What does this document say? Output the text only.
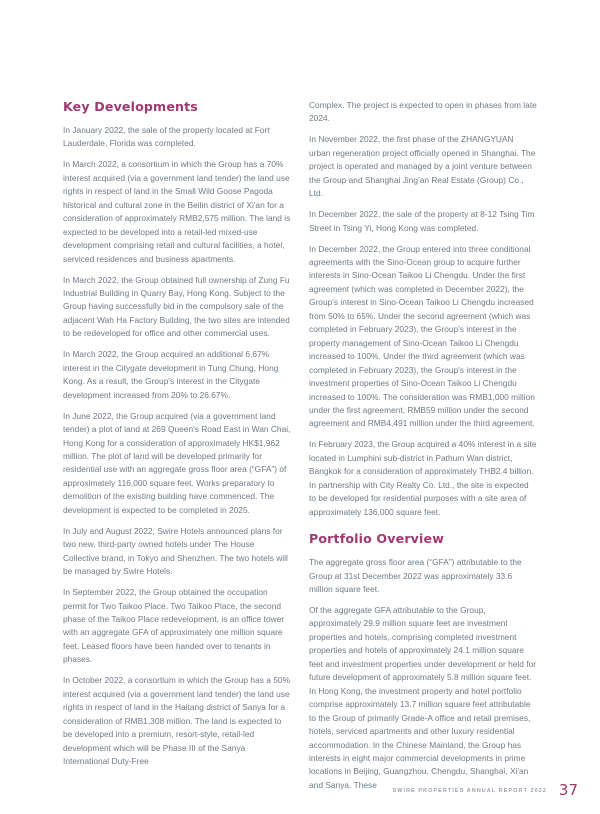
Key Developments

In January 2022, the sale of the property located at Fort Lauderdale, Florida was completed.

In March 2022, a consortium in which the Group has a 70% interest acquired (via a government land tender) the land use rights in respect of land in the Small Wild Goose Pagoda historical and cultural zone in the Beilin district of Xi'an for a consideration of approximately RMB2,575 million. The land is expected to be developed into a retail-led mixed-use development comprising retail and cultural facilities, a hotel, serviced residences and business apartments.

In March 2022, the Group obtained full ownership of Zung Fu Industrial Building in Quarry Bay, Hong Kong. Subject to the Group having successfully bid in the compulsory sale of the adjacent Wah Ha Factory Building, the two sites are intended to be redeveloped for office and other commercial uses.

In March 2022, the Group acquired an additional 6.67% interest in the Citygate development in Tung Chung, Hong Kong. As a result, the Group's interest in the Citygate development increased from 20% to 26.67%.

In June 2022, the Group acquired (via a government land tender) a plot of land at 269 Queen's Road East in Wan Chai, Hong Kong for a consideration of approximately HK$1,962 million. The plot of land will be developed primarily for residential use with an aggregate gross floor area (“GFA”) of approximately 116,000 square feet. Works preparatory to demolition of the existing building have commenced. The development is expected to be completed in 2025.

In July and August 2022, Swire Hotels announced plans for two new, third-party owned hotels under The House Collective brand, in Tokyo and Shenzhen. The two hotels will be managed by Swire Hotels.

In September 2022, the Group obtained the occupation permit for Two Taikoo Place. Two Taikoo Place, the second phase of the Taikoo Place redevelopment, is an office tower with an aggregate GFA of approximately one million square feet. Leased floors have been handed over to tenants in phases.

In October 2022, a consortium in which the Group has a 50% interest acquired (via a government land tender) the land use rights in respect of land in the Haitang district of Sanya for a consideration of RMB1,308 million. The land is expected to be developed into a premium, resort-style, retail-led development which will be Phase III of the Sanya International Duty-Free

Complex. The project is expected to open in phases from late 2024.

In November 2022, the first phase of the ZHANGYUAN urban regeneration project officially opened in Shanghai. The project is operated and managed by a joint venture between the Group and Shanghai Jing'an Real Estate (Group) Co., Ltd.

In December 2022, the sale of the property at 8-12 Tsing Tim Street in Tsing Yi, Hong Kong was completed.

In December 2022, the Group entered into three conditional agreements with the Sino-Ocean group to acquire further interests in Sino-Ocean Taikoo Li Chengdu. Under the first agreement (which was completed in December 2022), the Group's interest in Sino-Ocean Taikoo Li Chengdu increased from 50% to 65%. Under the second agreement (which was completed in February 2023), the Group's interest in the property management of Sino-Ocean Taikoo Li Chengdu increased to 100%. Under the third agreement (which was completed in February 2023), the Group's interest in the investment properties of Sino-Ocean Taikoo Li Chengdu increased to 100%. The consideration was RMB1,000 million under the first agreement, RMB59 million under the second agreement and RMB4,491 million under the third agreement.

In February 2023, the Group acquired a 40% interest in a site located in Lumphini sub-district in Pathum Wan district, Bangkok for a consideration of approximately THB2.4 billion. In partnership with City Realty Co. Ltd., the site is expected to be developed for residential purposes with a site area of approximately 136,000 square feet.

Portfolio Overview

The aggregate gross floor area (“GFA”) attributable to the Group at 31st December 2022 was approximately 33.6 million square feet.

Of the aggregate GFA attributable to the Group, approximately 29.9 million square feet are investment properties and hotels, comprising completed investment properties and hotels of approximately 24.1 million square feet and investment properties under development or held for future development of approximately 5.8 million square feet. In Hong Kong, the investment property and hotel portfolio comprise approximately 13.7 million square feet attributable to the Group of primarily Grade-A office and retail premises, hotels, serviced apartments and other luxury residential accommodation. In the Chinese Mainland, the Group has interests in eight major commercial developments in prime locations in Beijing, Guangzhou, Chengdu, Shanghai, Xi'an and Sanya. These

SWIRE PROPERTIES ANNUAL REPORT 2022 37
